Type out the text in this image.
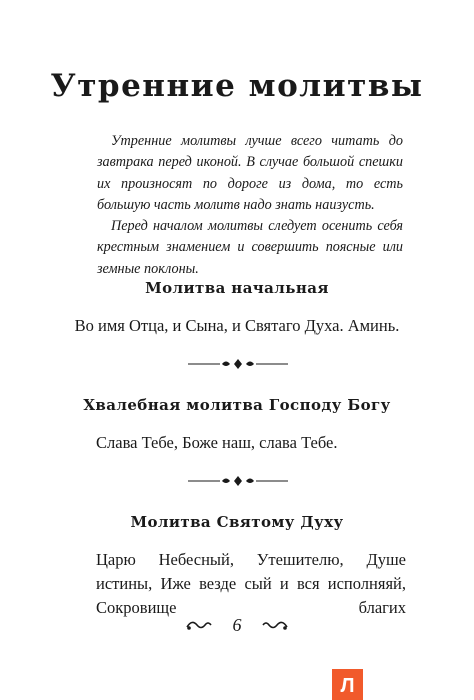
Утренние молитвы

Утренние молитвы лучше всего читать до завтрака перед иконой. В случае большой спешки их произносят по дороге из дома, то есть большую часть молитв надо знать наизусть.

Перед началом молитвы следует осенить себя крестным знамением и совершить поясные или земные поклоны.

Молитва начальная
Во имя Отца, и Сына, и Святаго Духа. Аминь.
Хвалебная молитва Господу Богу
Слава Тебе, Боже наш, слава Тебе.
Молитва Святому Духу
Царю Небесный, Утешителю, Душе истины, Иже везде сый и вся исполняяй, Сокровище благих
6
Л
